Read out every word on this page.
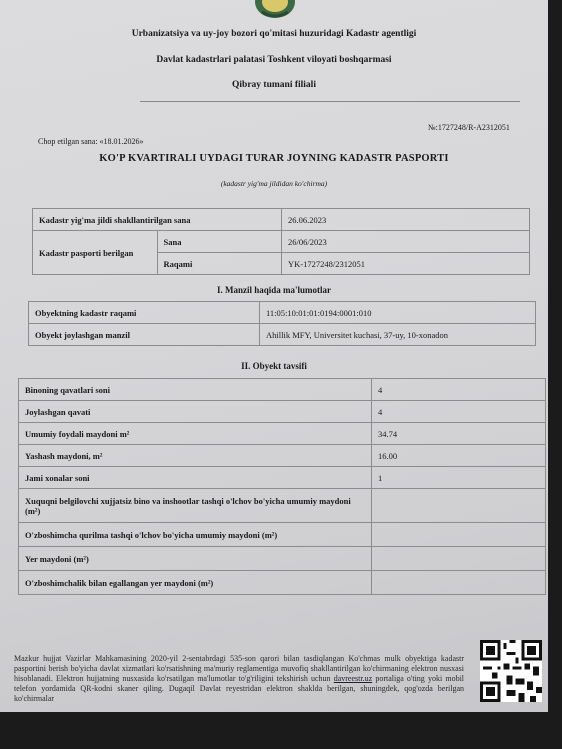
Urbanizatsiya va uy-joy bozori qo'mitasi huzuridagi Kadastr agentligi
Davlat kadastrlari palatasi Toshkent viloyati boshqarmasi
Qibray tumani filiali
Chop etilgan sana: «18.01.2026»
№:1727248/R-A2312051
KO'P KVARTIRALI UYDAGI TURAR JOYNING KADASTR PASPORTI
(kadastr yig'ma jildidan ko'chirma)
Kadastr yig'ma jildi shakllantirilgan sana		26.06.2023
Kadastr pasporti berilgan	Sana	26/06/2023
	Raqami	YK-1727248/2312051
I. Manzil haqida ma'lumotlar
Obyektning kadastr raqami	11:05:10:01:01:0194:0001:010
Obyekt joylashgan manzil	Ahillik MFY, Universitet kuchasi, 37-uy, 10-xonadon
II. Obyekt tavsifi
Binoning qavatlari soni	4
Joylashgan qavati	4
Umumiy foydali maydoni m²	34.74
Yashash maydoni, m²	16.00
Jami xonalar soni	1
Xuquqni belgilovchi xujjatsiz bino va inshootlar tashqi o'lchov bo'yicha umumiy maydoni (m²)	
O'zboshimcha qurilma tashqi o'lchov bo'yicha umumiy maydoni (m²)	
Yer maydoni (m²)	
O'zboshimchalik bilan egallangan yer maydoni (m²)	
Mazkur hujjat Vazirlar Mahkamasining 2020-yil 2-sentabrdagi 535-son qarori bilan tasdiqlangan Ko'chmas mulk obyektiga kadastr pasportini berish bo'yicha davlat xizmatlari ko'rsatishning ma'muriy reglamentiga muvofiq shakllantirilgan ko'chirmaning elektron nusxasi hisoblanadi. Elektron hujjatning nusxasida ko'rsatilgan ma'lumotlar to'g'riligini tekshirish uchun davreestr.uz portaliga o'ting yoki mobil telefon yordamida QR-kodni skaner qiling. Dugaqil Davlat reyestridan elektron shaklda berilgan, shuningdek, qog'ozda berilgan ko'chirmalar
